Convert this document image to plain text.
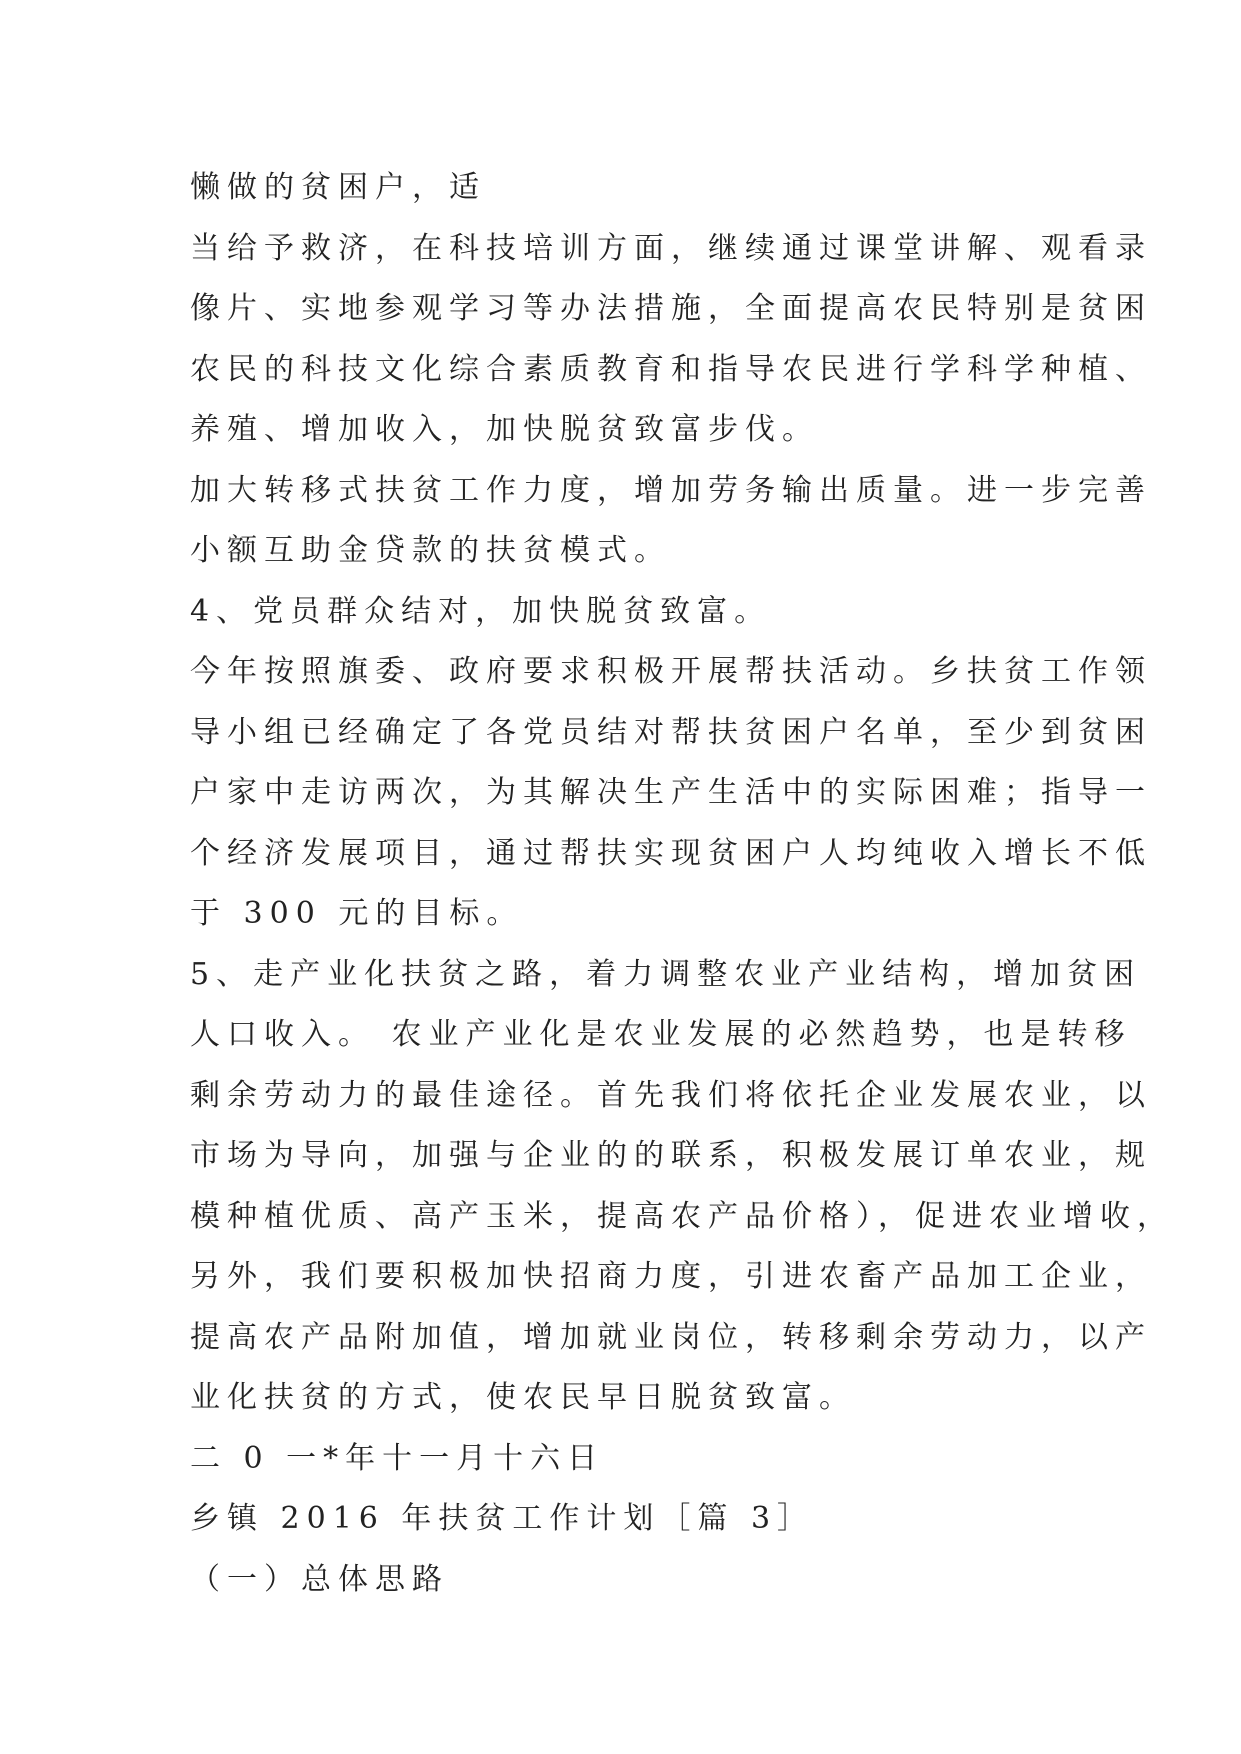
懒做的贫困户，适
当给予救济，在科技培训方面，继续通过课堂讲解、观看录
像片、实地参观学习等办法措施，全面提高农民特别是贫困
农民的科技文化综合素质教育和指导农民进行学科学种植、
养殖、增加收入，加快脱贫致富步伐。
加大转移式扶贫工作力度，增加劳务输出质量。进一步完善
小额互助金贷款的扶贫模式。
4、党员群众结对，加快脱贫致富。
今年按照旗委、政府要求积极开展帮扶活动。乡扶贫工作领
导小组已经确定了各党员结对帮扶贫困户名单，至少到贫困
户家中走访两次，为其解决生产生活中的实际困难；指导一
个经济发展项目，通过帮扶实现贫困户人均纯收入增长不低
于 300 元的目标。
5、走产业化扶贫之路，着力调整农业产业结构，增加贫困
人口收入。 农业产业化是农业发展的必然趋势，也是转移
剩余劳动力的最佳途径。首先我们将依托企业发展农业，以
市场为导向，加强与企业的的联系，积极发展订单农业，规
模种植优质、高产玉米，提高农产品价格），促进农业增收，
另外，我们要积极加快招商力度，引进农畜产品加工企业，
提高农产品附加值，增加就业岗位，转移剩余劳动力，以产
业化扶贫的方式，使农民早日脱贫致富。
二 0 一*年十一月十六日
乡镇 2016 年扶贫工作计划［篇 3］
（一）总体思路
